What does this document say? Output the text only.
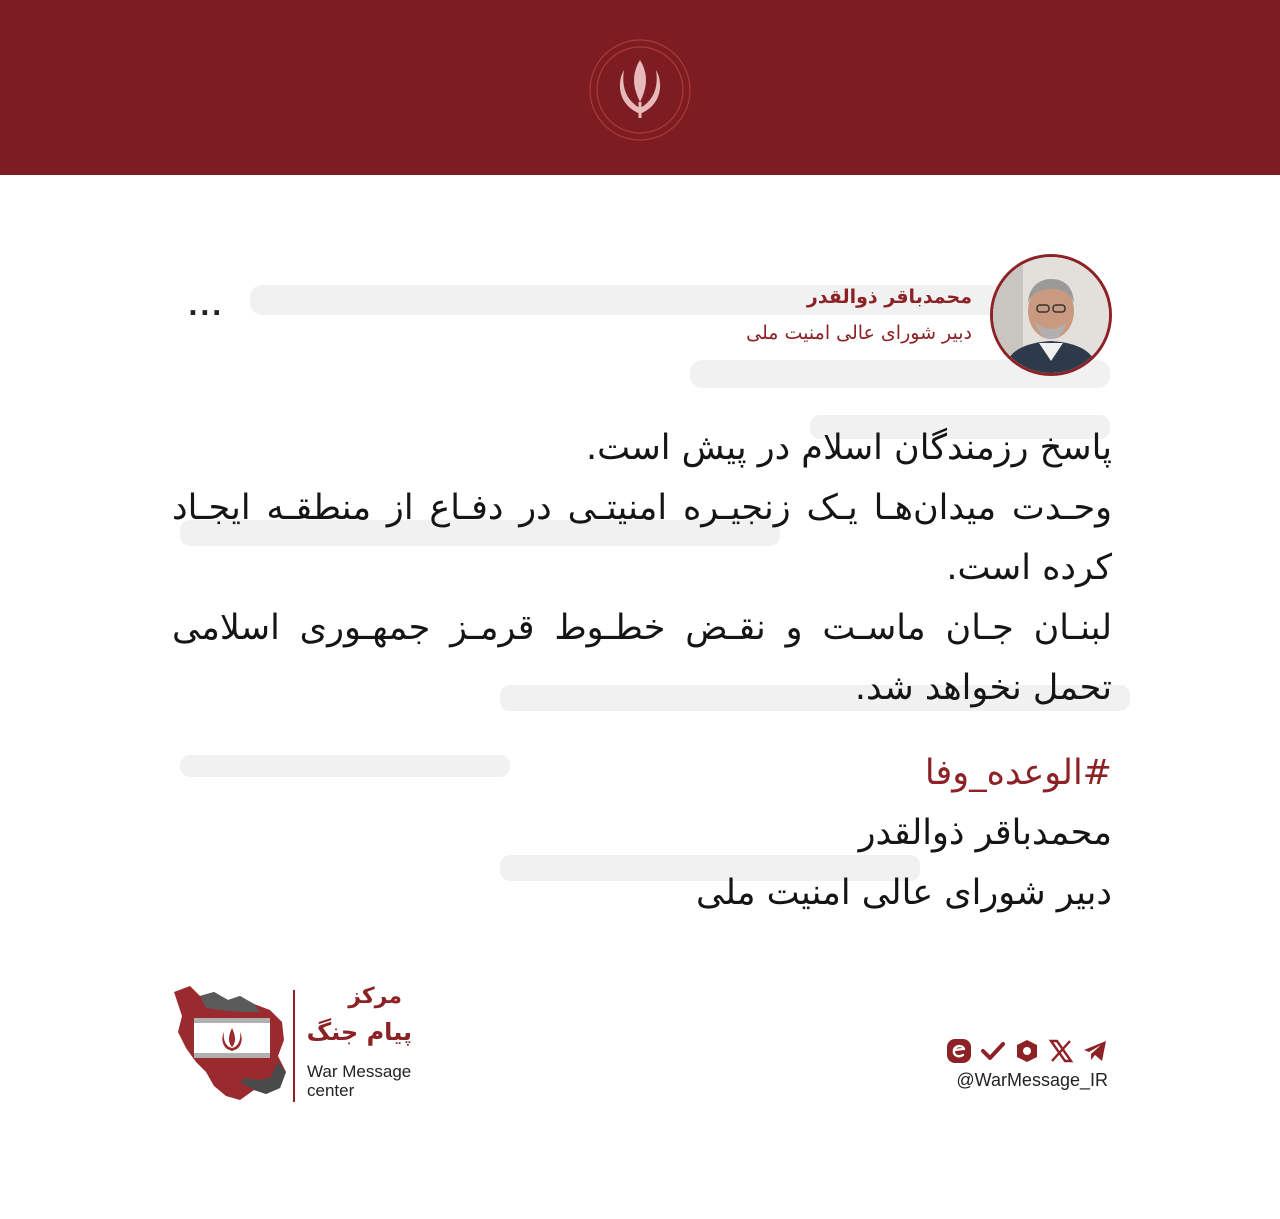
محمدباقر ذوالقدر
دبیر شورای عالی امنیت ملی
...
پاسخ رزمندگان اسلام در پیش است.
وحـدت میدان‌هـا یـک زنجیـره امنیتـی در دفـاع از منطقـه ایجـاد
کرده است.
لبنـان جـان ماسـت و نقـض خطـوط قرمـز جمهـوری اسلامی
تحمل نخواهد شد.
#الوعده_وفا
محمدباقر ذوالقدر
دبیر شورای عالی امنیت ملی
مرکز
پیام جنگ
War Message
center
@WarMessage_IR
